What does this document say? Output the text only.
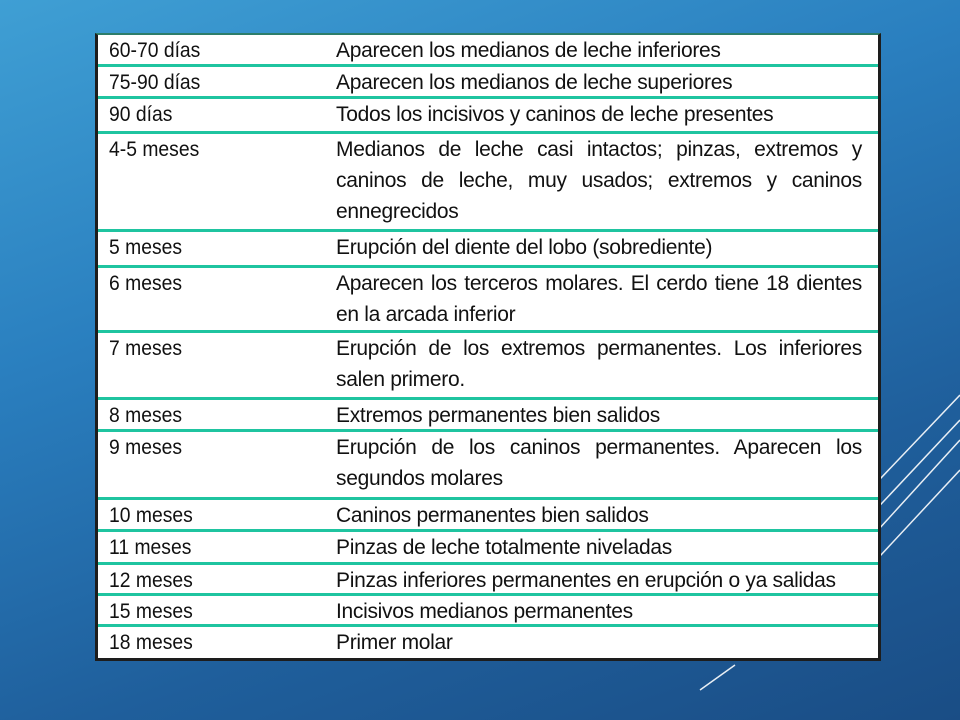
60-70 días	Aparecen los medianos de leche inferiores
75-90 días	Aparecen los medianos de leche superiores
90 días	Todos los incisivos y caninos de leche presentes
4-5 meses	Medianos de leche casi intactos; pinzas, extremos y caninos de leche, muy usados; extremos y caninos ennegrecidos
5 meses	Erupción del diente del lobo (sobrediente)
6 meses	Aparecen los terceros molares. El cerdo tiene 18 dientes en la arcada inferior
7 meses	Erupción de los extremos permanentes. Los inferiores salen primero.
8 meses	Extremos permanentes bien salidos
9 meses	Erupción de los caninos permanentes. Aparecen los segundos molares
10 meses	Caninos permanentes bien salidos
11 meses	Pinzas de leche totalmente niveladas
12 meses	Pinzas inferiores permanentes en erupción o ya salidas
15 meses	Incisivos medianos permanentes
18 meses	Primer molar
